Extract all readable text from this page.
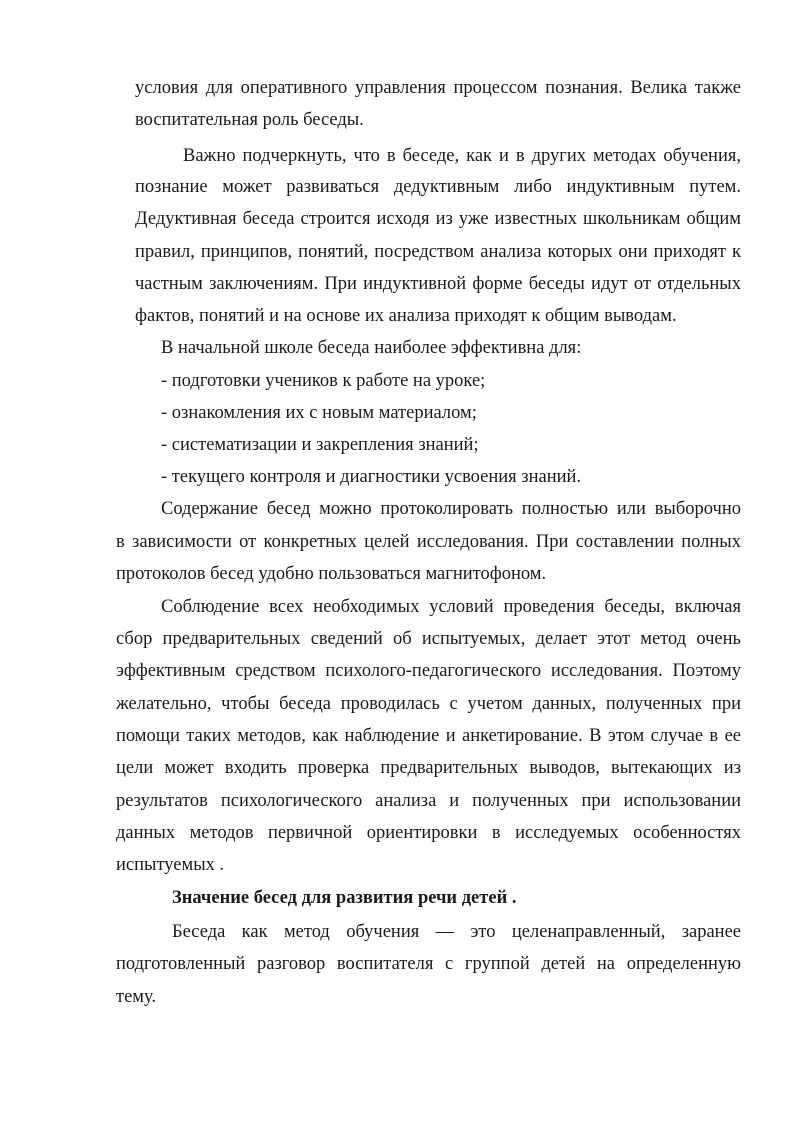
условия для оперативного управления процессом познания. Велика также
воспитательная роль беседы.
Важно подчеркнуть, что в беседе, как и в других методах обучения,
познание может развиваться дедуктивным либо индуктивным путем.
Дедуктивная беседа строится исходя из уже известных школьникам общим
правил, принципов, понятий, посредством анализа которых они приходят к
частным заключениям. При индуктивной форме беседы идут от отдельных
фактов, понятий и на основе их анализа приходят к общим выводам.
В начальной школе беседа наиболее эффективна для:
- подготовки учеников к работе на уроке;
- ознакомления их с новым материалом;
- систематизации и закрепления знаний;
- текущего контроля и диагностики усвоения знаний.
Содержание бесед можно протоколировать полностью или выборочно
в зависимости от конкретных целей исследования. При составлении полных
протоколов бесед удобно пользоваться магнитофоном.
Соблюдение всех необходимых условий проведения беседы, включая
сбор предварительных сведений об испытуемых, делает этот метод очень
эффективным средством психолого-педагогического исследования. Поэтому
желательно, чтобы беседа проводилась с учетом данных, полученных при
помощи таких методов, как наблюдение и анкетирование. В этом случае в ее
цели может входить проверка предварительных выводов, вытекающих из
результатов психологического анализа и полученных при использовании
данных методов первичной ориентировки в исследуемых особенностях
испытуемых .
Значение бесед для развития речи детей .
Беседа как метод обучения — это целенаправленный, заранее
подготовленный разговор воспитателя с группой детей на определенную
тему.
